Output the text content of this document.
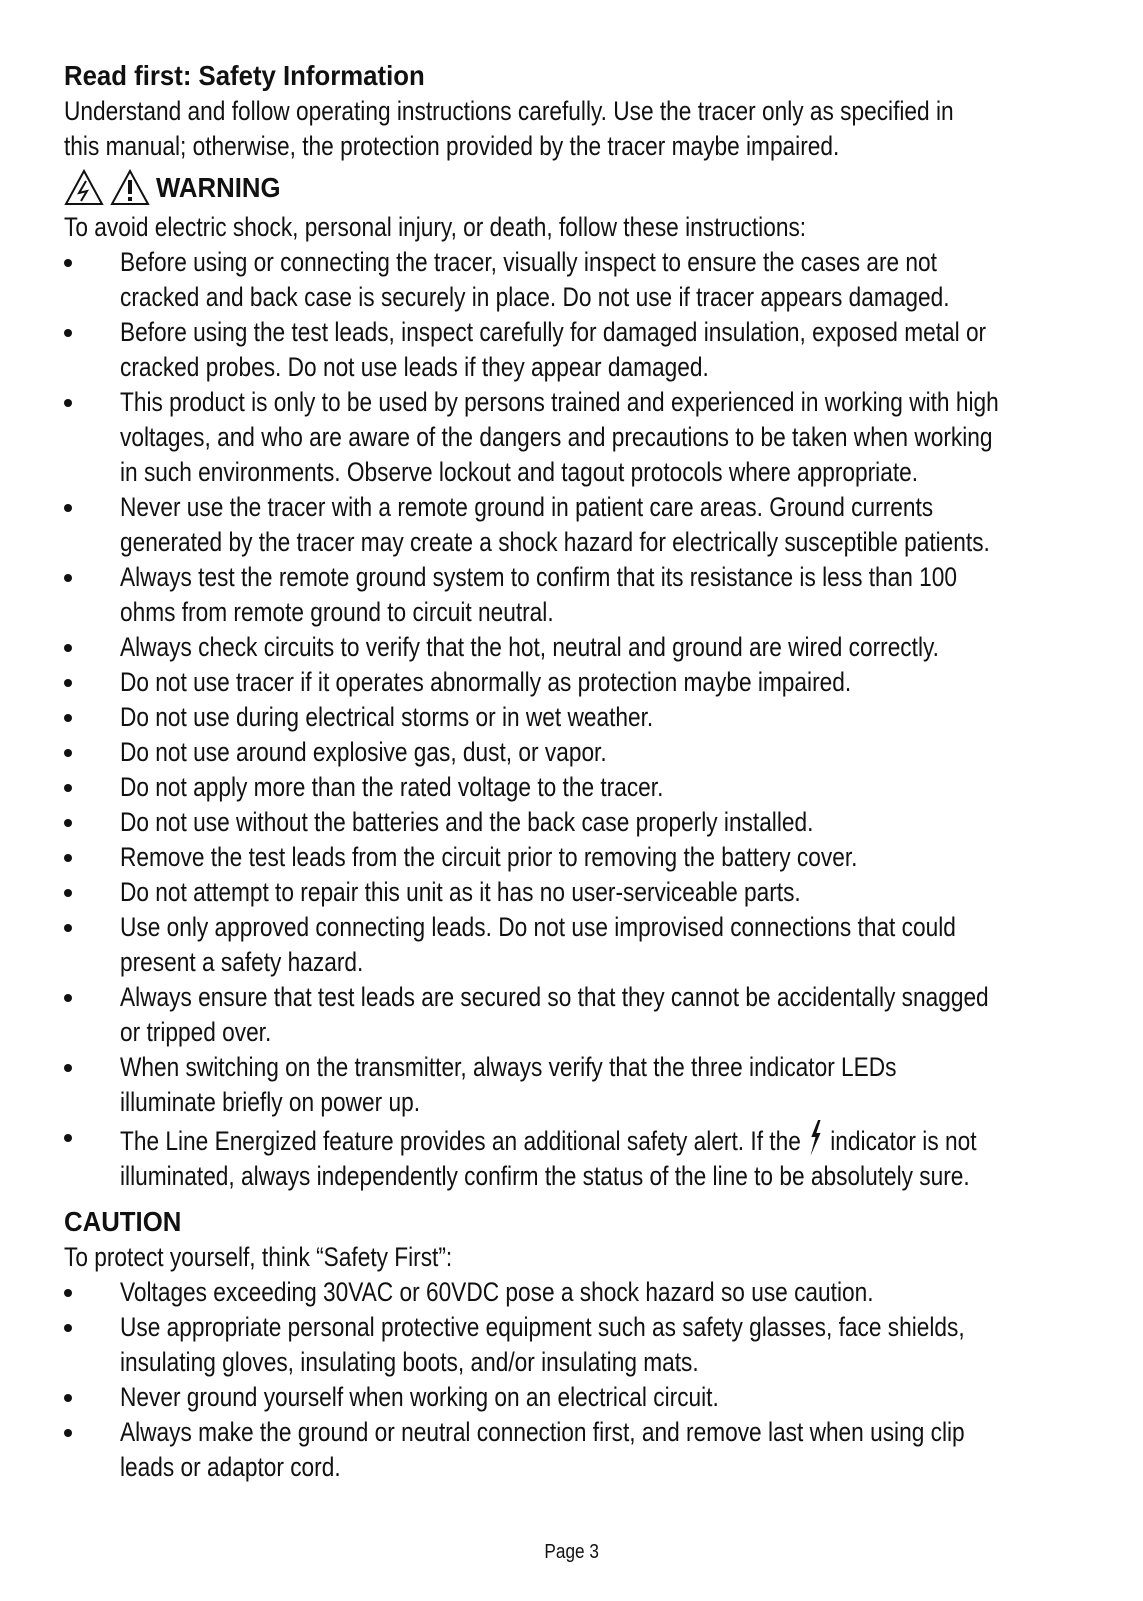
Read first: Safety Information
Understand and follow operating instructions carefully. Use the tracer only as specified in
this manual; otherwise, the protection provided by the tracer maybe impaired.
WARNING
To avoid electric shock, personal injury, or death, follow these instructions:
Before using or connecting the tracer, visually inspect to ensure the cases are not
cracked and back case is securely in place. Do not use if tracer appears damaged.
Before using the test leads, inspect carefully for damaged insulation, exposed metal or
cracked probes. Do not use leads if they appear damaged.
This product is only to be used by persons trained and experienced in working with high
voltages, and who are aware of the dangers and precautions to be taken when working
in such environments. Observe lockout and tagout protocols where appropriate.
Never use the tracer with a remote ground in patient care areas. Ground currents
generated by the tracer may create a shock hazard for electrically susceptible patients.
Always test the remote ground system to confirm that its resistance is less than 100
ohms from remote ground to circuit neutral.
Always check circuits to verify that the hot, neutral and ground are wired correctly.
Do not use tracer if it operates abnormally as protection maybe impaired.
Do not use during electrical storms or in wet weather.
Do not use around explosive gas, dust, or vapor.
Do not apply more than the rated voltage to the tracer.
Do not use without the batteries and the back case properly installed.
Remove the test leads from the circuit prior to removing the battery cover.
Do not attempt to repair this unit as it has no user-serviceable parts.
Use only approved connecting leads. Do not use improvised connections that could
present a safety hazard.
Always ensure that test leads are secured so that they cannot be accidentally snagged
or tripped over.
When switching on the transmitter, always verify that the three indicator LEDs
illuminate briefly on power up.
The Line Energized feature provides an additional safety alert. If the indicator is not
illuminated, always independently confirm the status of the line to be absolutely sure.
CAUTION
To protect yourself, think “Safety First”:
Voltages exceeding 30VAC or 60VDC pose a shock hazard so use caution.
Use appropriate personal protective equipment such as safety glasses, face shields,
insulating gloves, insulating boots, and/or insulating mats.
Never ground yourself when working on an electrical circuit.
Always make the ground or neutral connection first, and remove last when using clip
leads or adaptor cord.
Page 3
